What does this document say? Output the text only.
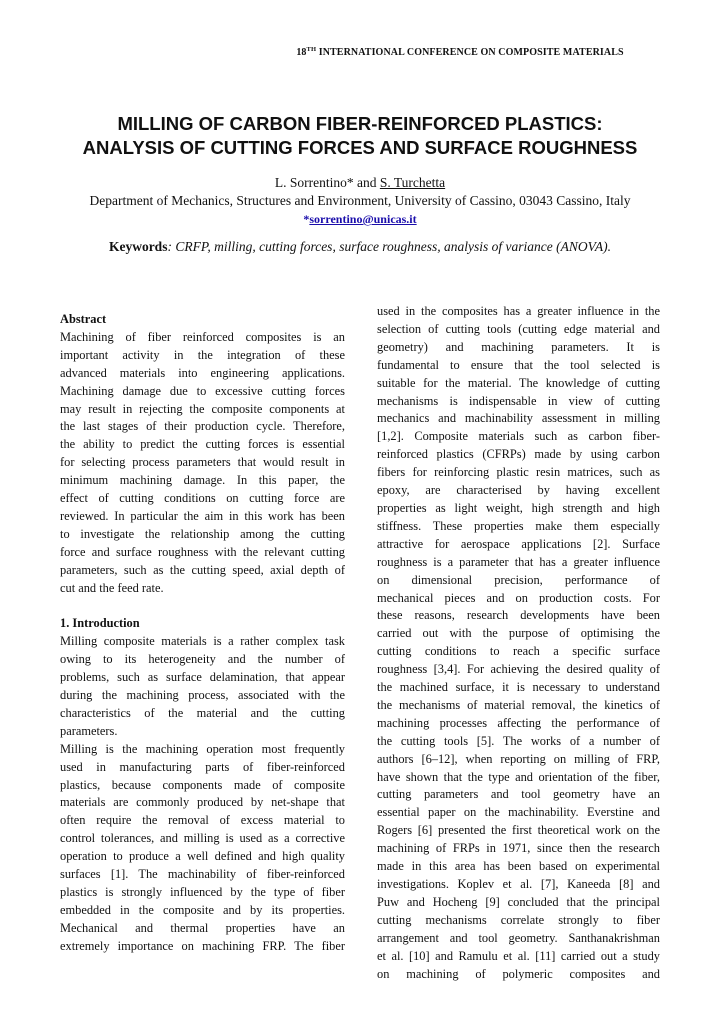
18TH INTERNATIONAL CONFERENCE ON COMPOSITE MATERIALS
MILLING OF CARBON FIBER-REINFORCED PLASTICS:
ANALYSIS OF CUTTING FORCES AND SURFACE ROUGHNESS
L. Sorrentino* and S. Turchetta
Department of Mechanics, Structures and Environment, University of Cassino, 03043 Cassino, Italy
*sorrentino@unicas.it
Keywords: CRFP, milling, cutting forces, surface roughness, analysis of variance (ANOVA).

Abstract

Machining of fiber reinforced composites is an
important activity in the integration of these
advanced materials into engineering applications.
Machining damage due to excessive cutting forces
may result in rejecting the composite components at
the last stages of their production cycle. Therefore,
the ability to predict the cutting forces is essential
for selecting process parameters that would result in
minimum machining damage. In this paper, the
effect of cutting conditions on cutting force are
reviewed. In particular the aim in this work has been
to investigate the relationship among the cutting
force and surface roughness with the relevant cutting
parameters, such as the cutting speed, axial depth of
cut and the feed rate.

1. Introduction

Milling composite materials is a rather complex task
owing to its heterogeneity and the number of
problems, such as surface delamination, that appear
during the machining process, associated with the
characteristics of the material and the cutting
parameters.
Milling is the machining operation most frequently
used in manufacturing parts of fiber-reinforced
plastics, because components made of composite
materials are commonly produced by net-shape that
often require the removal of excess material to
control tolerances, and milling is used as a corrective
operation to produce a well defined and high quality
surfaces [1]. The machinability of fiber-reinforced
plastics is strongly influenced by the type of fiber
embedded in the composite and by its properties.
Mechanical and thermal properties have an
extremely importance on machining FRP. The fiber
used in the composites has a greater influence in the
selection of cutting tools (cutting edge material and
geometry) and machining parameters. It is
fundamental to ensure that the tool selected is
suitable for the material. The knowledge of cutting
mechanisms is indispensable in view of cutting
mechanics and machinability assessment in milling
[1,2]. Composite materials such as carbon fiber-
reinforced plastics (CFRPs) made by using carbon
fibers for reinforcing plastic resin matrices, such as
epoxy, are characterised by having excellent
properties as light weight, high strength and high
stiffness. These properties make them especially
attractive for aerospace applications [2]. Surface
roughness is a parameter that has a greater influence
on dimensional precision, performance of
mechanical pieces and on production costs. For
these reasons, research developments have been
carried out with the purpose of optimising the
cutting conditions to reach a specific surface
roughness [3,4]. For achieving the desired quality of
the machined surface, it is necessary to understand
the mechanisms of material removal, the kinetics of
machining processes affecting the performance of
the cutting tools [5]. The works of a number of
authors [6–12], when reporting on milling of FRP,
have shown that the type and orientation of the fiber,
cutting parameters and tool geometry have an
essential paper on the machinability. Everstine and
Rogers [6] presented the first theoretical work on the
machining of FRPs in 1971, since then the research
made in this area has been based on experimental
investigations. Koplev et al. [7], Kaneeda [8] and
Puw and Hocheng [9] concluded that the principal
cutting mechanisms correlate strongly to fiber
arrangement and tool geometry. Santhanakrishman
et al. [10] and Ramulu et al. [11] carried out a study
on machining of polymeric composites and
